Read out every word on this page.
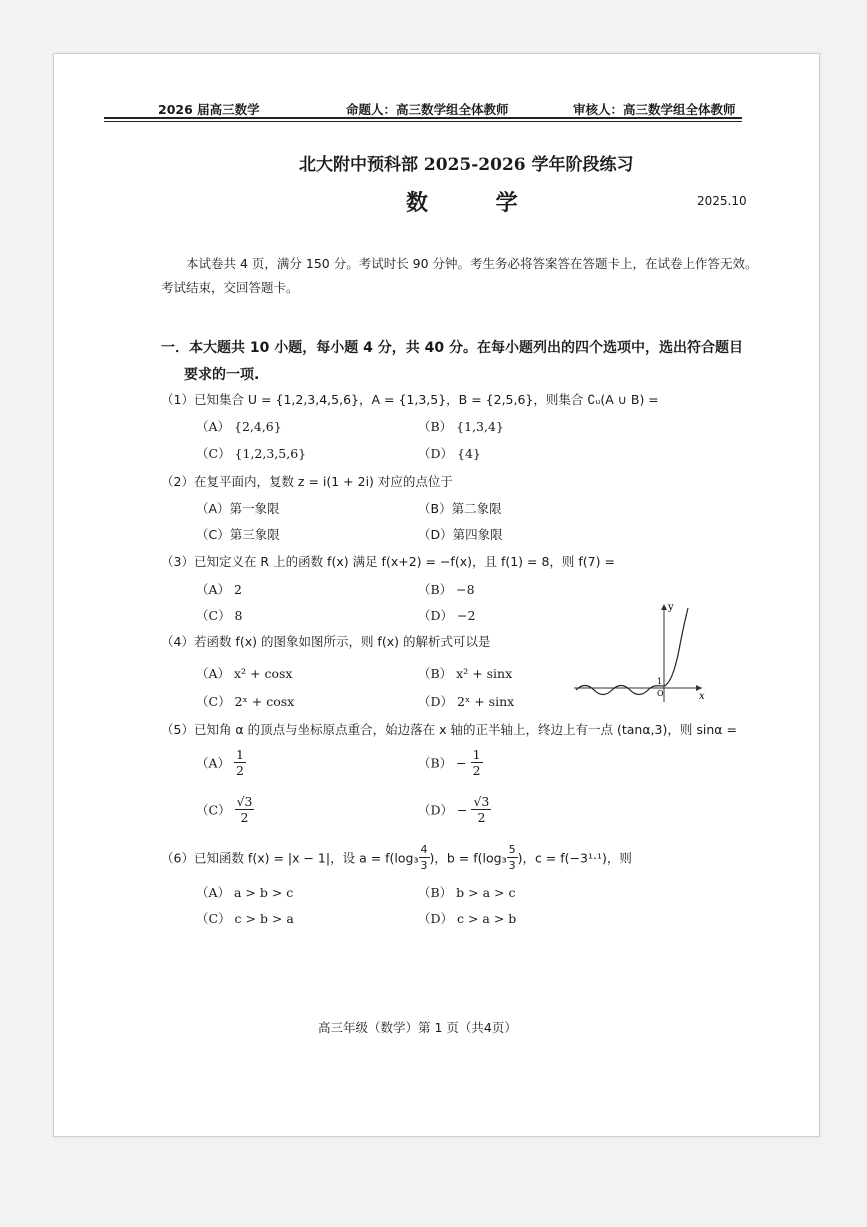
2026 届高三数学	命题人：高三数学组全体教师	审核人：高三数学组全体教师
北大附中预科部 2025-2026 学年阶段练习
数 学	2025.10
本试卷共 4 页，满分 150 分。考试时长 90 分钟。考生务必将答案答在答题卡上，在试卷上作答无效。
考试结束，交回答题卡。
一．本大题共 10 小题，每小题 4 分，共 40 分。在每小题列出的四个选项中，选出符合题目
要求的一项.
（1）已知集合 U = {1,2,3,4,5,6}，A = {1,3,5}，B = {2,5,6}，则集合 ∁ᵤ(A ∪ B) =
（A） {2,4,6}	（B） {1,3,4}
（C） {1,2,3,5,6}	（D） {4}
（2）在复平面内，复数 z = i(1 + 2i) 对应的点位于
（A）第一象限	（B）第二象限
（C）第三象限	（D）第四象限
（3）已知定义在 R 上的函数 f(x) 满足 f(x+2) = −f(x)，且 f(1) = 8，则 f(7) =
（A） 2	（B） −8
（C） 8	（D） −2
（4）若函数 f(x) 的图象如图所示，则 f(x) 的解析式可以是
（A） x² + cosx	（B） x² + sinx
（C） 2ˣ + cosx	（D） 2ˣ + sinx
y
x
1
O
（5）已知角 α 的顶点与坐标原点重合，始边落在 x 轴的正半轴上，终边上有一点 (tanα,3)，则 sinα =
$(A) \frac{1}{2}$	$(B) - \frac{1}{2}$
$(C) \frac{√3}{2}$	$(D) - \frac{√3}{2}$
（6）已知函数 f(x) = |x − 1|，设 $a = f(\log_3 \frac{4}{3}$ )，$b = f(\log_3 \frac{5}{3}$ )，c = f(−3¹·¹)，则
（A） a > b > c	（B） b > a > c
（C） c > b > a	（D） c > a > b
高三年级（数学）第 1 页（共4页）
